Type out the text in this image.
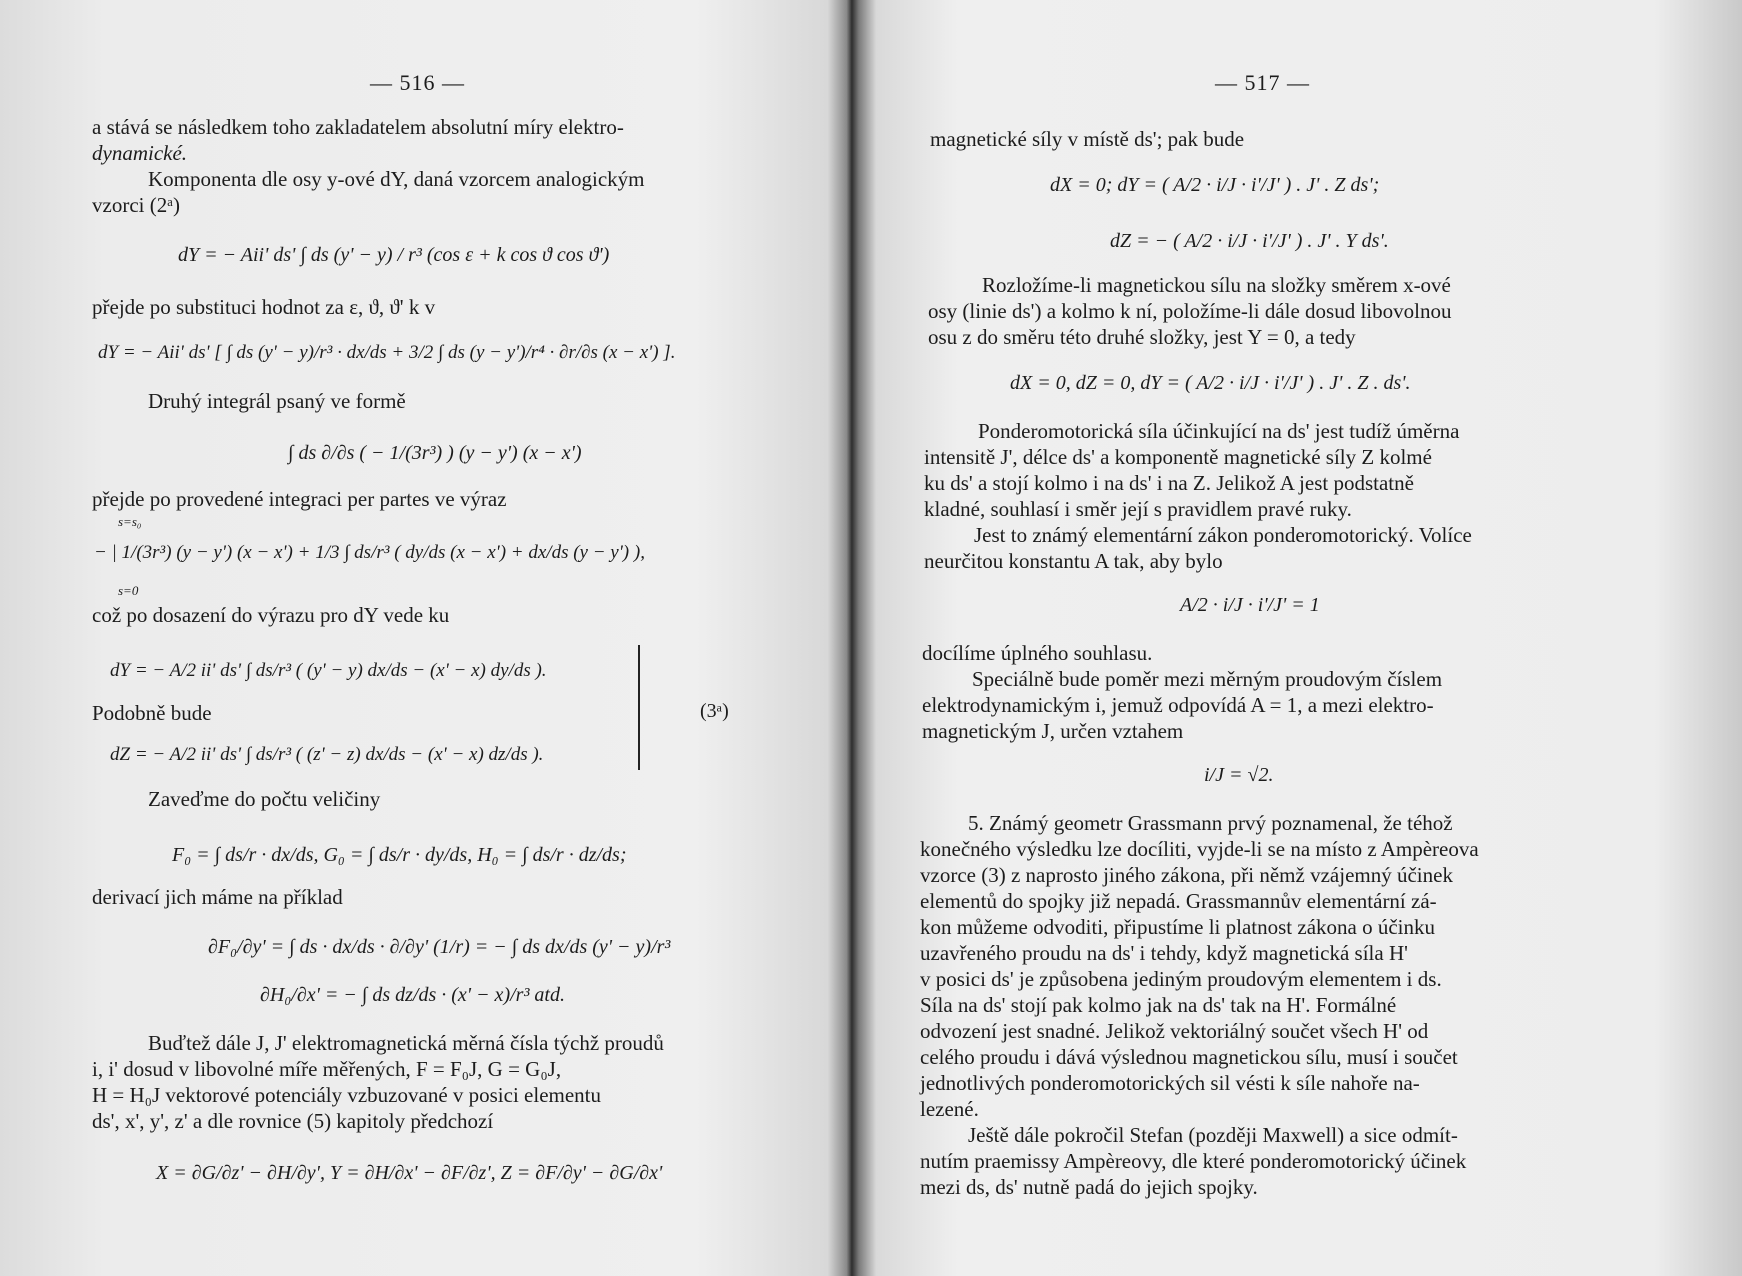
— 516 —
a stává se následkem toho zakladatelem absolutní míry elektro-
dynamické.
Komponenta dle osy y-ové dY, daná vzorcem analogickým
vzorci (2ᵃ)
dY = − Aii' ds' ∫ ds (y' − y) / r³ (cos ε + k cos ϑ cos ϑ')
přejde po substituci hodnot za ε, ϑ, ϑ' k v
dY = − Aii' ds' [ ∫ ds (y' − y)/r³ · dx/ds + 3/2 ∫ ds (y − y')/r⁴ · ∂r/∂s (x − x') ].
Druhý integrál psaný ve formě
∫ ds ∂/∂s ( − 1/(3r³) ) (y − y') (x − x')
přejde po provedené integraci per partes ve výraz
s=s₀
− | 1/(3r³) (y − y') (x − x') + 1/3 ∫ ds/r³ ( dy/ds (x − x') + dx/ds (y − y') ),
s=0
což po dosazení do výrazu pro dY vede ku
dY = − A/2 ii' ds' ∫ ds/r³ ( (y' − y) dx/ds − (x' − x) dy/ds ).
Podobně bude	(3ᵃ)
dZ = − A/2 ii' ds' ∫ ds/r³ ( (z' − z) dx/ds − (x' − x) dz/ds ).
Zaveďme do počtu veličiny
F₀ = ∫ ds/r · dx/ds, G₀ = ∫ ds/r · dy/ds, H₀ = ∫ ds/r · dz/ds;
derivací jich máme na příklad
∂F₀/∂y' = ∫ ds · dx/ds · ∂/∂y' (1/r) = − ∫ ds dx/ds (y' − y)/r³
∂H₀/∂x' = − ∫ ds dz/ds · (x' − x)/r³ atd.
Buďtež dále J, J' elektromagnetická měrná čísla týchž proudů
i, i' dosud v libovolné míře měřených, F = F₀J, G = G₀J,
H = H₀J vektorové potenciály vzbuzované v posici elementu
ds', x', y', z' a dle rovnice (5) kapitoly předchozí
X = ∂G/∂z' − ∂H/∂y', Y = ∂H/∂x' − ∂F/∂z', Z = ∂F/∂y' − ∂G/∂x'
— 517 —
magnetické síly v místě ds'; pak bude
dX = 0; dY = ( A/2 · i/J · i'/J' ) . J' . Z ds';
dZ = − ( A/2 · i/J · i'/J' ) . J' . Y ds'.
Rozložíme-li magnetickou sílu na složky směrem x-ové
osy (linie ds') a kolmo k ní, položíme-li dále dosud libovolnou
osu z do směru této druhé složky, jest Y = 0, a tedy
dX = 0, dZ = 0, dY = ( A/2 · i/J · i'/J' ) . J' . Z . ds'.
Ponderomotorická síla účinkující na ds' jest tudíž úměrna
intensitě J', délce ds' a komponentě magnetické síly Z kolmé
ku ds' a stojí kolmo i na ds' i na Z. Jelikož A jest podstatně
kladné, souhlasí i směr její s pravidlem pravé ruky.
Jest to známý elementární zákon ponderomotorický. Volíce
neurčitou konstantu A tak, aby bylo
A/2 · i/J · i'/J' = 1
docílíme úplného souhlasu.
Speciálně bude poměr mezi měrným proudovým číslem
elektrodynamickým i, jemuž odpovídá A = 1, a mezi elektro-
magnetickým J, určen vztahem
i/J = √2.
5. Známý geometr Grassmann prvý poznamenal, že téhož
konečného výsledku lze docíliti, vyjde-li se na místo z Ampèreova
vzorce (3) z naprosto jiného zákona, při němž vzájemný účinek
elementů do spojky již nepadá. Grassmannův elementární zá-
kon můžeme odvoditi, připustíme li platnost zákona o účinku
uzavřeného proudu na ds' i tehdy, když magnetická síla H'
v posici ds' je způsobena jediným proudovým elementem i ds.
Síla na ds' stojí pak kolmo jak na ds' tak na H'. Formálné
odvození jest snadné. Jelikož vektoriálný součet všech H' od
celého proudu i dává výslednou magnetickou sílu, musí i součet
jednotlivých ponderomotorických sil vésti k síle nahoře na-
lezené.
Ještě dále pokročil Stefan (později Maxwell) a sice odmít-
nutím praemissy Ampèreovy, dle které ponderomotorický účinek
mezi ds, ds' nutně padá do jejich spojky.
